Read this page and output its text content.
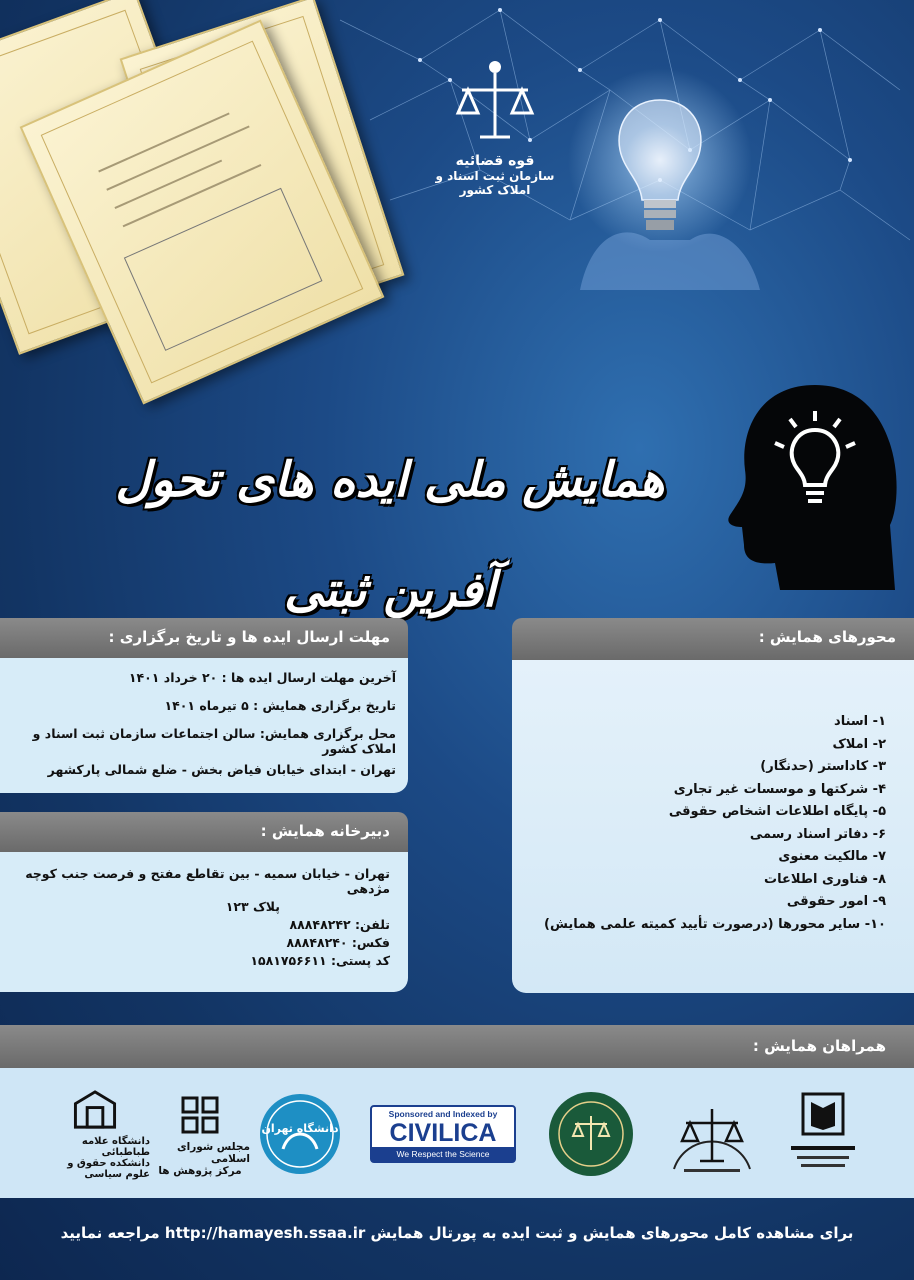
قوه قضائیه
سازمان ثبت اسناد و املاک کشور
همایش ملی ایده های تحول آفرین ثبتی
مهلت ارسال ایده ها و تاریخ برگزاری :

آخرین مهلت ارسال ایده ها : ۲۰ خرداد ۱۴۰۱

تاریخ برگزاری همایش : ۵ تیرماه ۱۴۰۱

محل برگزاری همایش: سالن اجتماعات سازمان ثبت اسناد و املاک کشور

تهران - ابتدای خیابان فیاض بخش - ضلع شمالی پارکشهر

دبیرخانه همایش :

تهران - خیابان سمیه - بین تقاطع مفتح و فرصت جنب کوچه مژدهی

پلاک ۱۲۳

تلفن: ۸۸۸۴۸۲۴۲

فکس: ۸۸۸۴۸۲۴۰

کد پستی: ۱۵۸۱۷۵۶۶۱۱

محورهای همایش :
۱- اسناد
۲- املاک
۳- کاداستر (حدنگار)
۴- شرکتها و موسسات غیر تجاری
۵- پایگاه اطلاعات اشخاص حقوقی
۶- دفاتر اسناد رسمی
۷- مالکیت معنوی
۸- فناوری اطلاعات
۹- امور حقوقی
۱۰- سایر محورها (درصورت تأیید کمیته علمی همایش)
همراهان همایش :
Sponsored and Indexed by
CIVILICA
We Respect the Science
دانشگاه تهران
مجلس شورای اسلامی
مرکز پژوهش ها
دانشگاه علامه طباطبائی
دانشکده حقوق و علوم سیاسی
برای مشاهده کامل محورهای همایش و ثبت ایده به پورتال همایش http://hamayesh.ssaa.ir مراجعه نمایید
